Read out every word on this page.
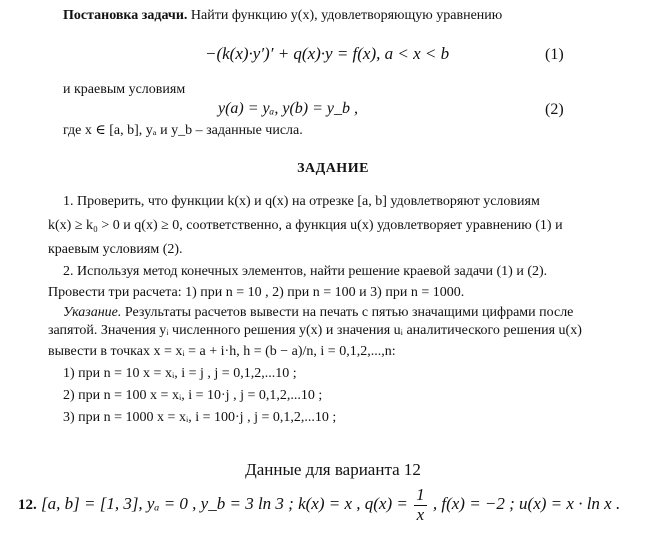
Постановка задачи. Найти функцию y(x), удовлетворяющую уравнению
−(k(x)·y′)′ + q(x)·y = f(x), a < x < b	(1)
и краевым условиям
y(a) = yₐ, y(b) = y_b ,	(2)
где x ∈ [a, b], yₐ и y_b – заданные числа.
ЗАДАНИЕ
1. Проверить, что функции k(x) и q(x) на отрезке [a, b] удовлетворяют условиям
k(x) ≥ k₀ > 0 и q(x) ≥ 0, соответственно, а функция u(x) удовлетворяет уравнению (1) и
краевым условиям (2).
2. Используя метод конечных элементов, найти решение краевой задачи (1) и (2).
Провести три расчета: 1) при n = 10 , 2) при n = 100 и 3) при n = 1000.
Указание. Результаты расчетов вывести на печать с пятью значащими цифрами после
запятой. Значения yᵢ численного решения y(x) и значения uᵢ аналитического решения u(x)
вывести в точках x = xᵢ = a + i·h, h = (b − a)/n, i = 0,1,2,...,n:
1) при n = 10 x = xᵢ, i = j , j = 0,1,2,...10 ;
2) при n = 100 x = xᵢ, i = 10·j , j = 0,1,2,...10 ;
3) при n = 1000 x = xᵢ, i = 100·j , j = 0,1,2,...10 ;
Данные для варианта 12
12. [a, b] = [1, 3], yₐ = 0 , y_b = 3 ln 3 ; k(x) = x , $q(x) = \frac{1}{x}$ , f(x) = −2 ; u(x) = x · ln x .
